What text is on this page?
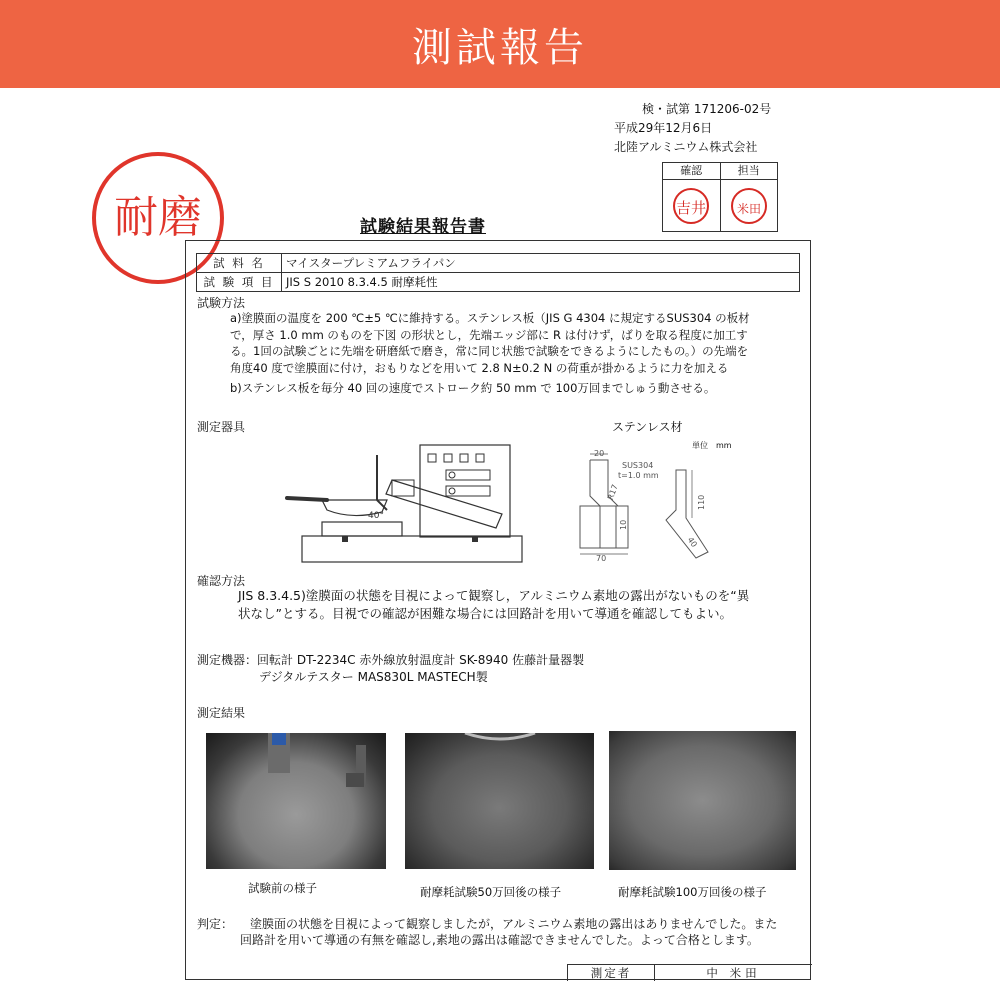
測試報告
検・試第 171206-02号
平成29年12月6日
北陸アルミニウム株式会社
確認	担当
吉井	米田
耐磨	試験結果報告書
試 料 名	マイスタープレミアムフライパン
試 験 項 目	JIS S 2010 8.3.4.5 耐摩耗性
試験方法
a)塗膜面の温度を 200 ℃±5 ℃に維持する。ステンレス板（JIS G 4304 に規定するSUS304 の板材
で，厚さ 1.0 mm のものを下図 の形状とし，先端エッジ部に R は付けず，ばりを取る程度に加工す
る。1回の試験ごとに先端を研磨紙で磨き，常に同じ状態で試験をできるようにしたもの。）の先端を
角度40 度で塗膜面に付け，おもりなどを用いて 2.8 N±0.2 N の荷重が掛かるように力を加える
b)ステンレス板を毎分 40 回の速度でストローク約 50 mm で 100万回までしゅう動させる。
測定器具
40°
ステンレス材
単位　mm
20
70
R17
10
SUS304
t=1.0 mm
110
40
確認方法
JIS 8.3.4.5)塗膜面の状態を目視によって観察し，アルミニウム素地の露出がないものを“異
状なし”とする。目視での確認が困難な場合には回路計を用いて導通を確認してもよい。
測定機器：回転計 DT-2234C 赤外線放射温度計 SK-8940 佐藤計量器製
デジタルテスター MAS830L MASTECH製
測定結果
試験前の様子	耐摩耗試験50万回後の様子	耐摩耗試験100万回後の様子
判定：	塗膜面の状態を目視によって観察しましたが，アルミニウム素地の露出はありませんでした。また
回路計を用いて導通の有無を確認し,素地の露出は確認できませんでした。よって合格とします。
測定者	中 米田
